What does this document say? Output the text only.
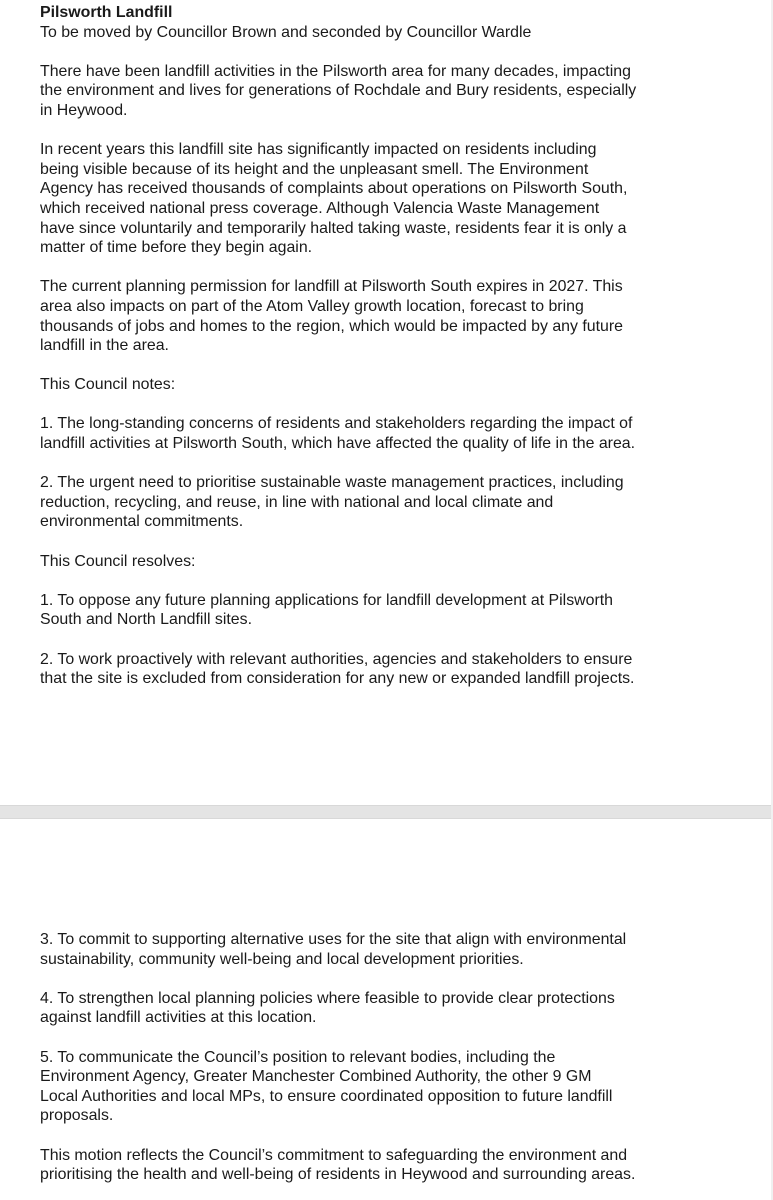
Pilsworth Landfill

To be moved by Councillor Brown and seconded by Councillor Wardle

There have been landfill activities in the Pilsworth area for many decades, impacting
the environment and lives for generations of Rochdale and Bury residents, especially
in Heywood.

In recent years this landfill site has significantly impacted on residents including
being visible because of its height and the unpleasant smell. The Environment
Agency has received thousands of complaints about operations on Pilsworth South,
which received national press coverage. Although Valencia Waste Management
have since voluntarily and temporarily halted taking waste, residents fear it is only a
matter of time before they begin again.

The current planning permission for landfill at Pilsworth South expires in 2027. This
area also impacts on part of the Atom Valley growth location, forecast to bring
thousands of jobs and homes to the region, which would be impacted by any future
landfill in the area.

This Council notes:

1. The long-standing concerns of residents and stakeholders regarding the impact of
landfill activities at Pilsworth South, which have affected the quality of life in the area.

2. The urgent need to prioritise sustainable waste management practices, including
reduction, recycling, and reuse, in line with national and local climate and
environmental commitments.

This Council resolves:

1. To oppose any future planning applications for landfill development at Pilsworth
South and North Landfill sites.

2. To work proactively with relevant authorities, agencies and stakeholders to ensure
that the site is excluded from consideration for any new or expanded landfill projects.

3. To commit to supporting alternative uses for the site that align with environmental
sustainability, community well-being and local development priorities.

4. To strengthen local planning policies where feasible to provide clear protections
against landfill activities at this location.

5. To communicate the Council’s position to relevant bodies, including the
Environment Agency, Greater Manchester Combined Authority, the other 9 GM
Local Authorities and local MPs, to ensure coordinated opposition to future landfill
proposals.

This motion reflects the Council’s commitment to safeguarding the environment and
prioritising the health and well-being of residents in Heywood and surrounding areas.
